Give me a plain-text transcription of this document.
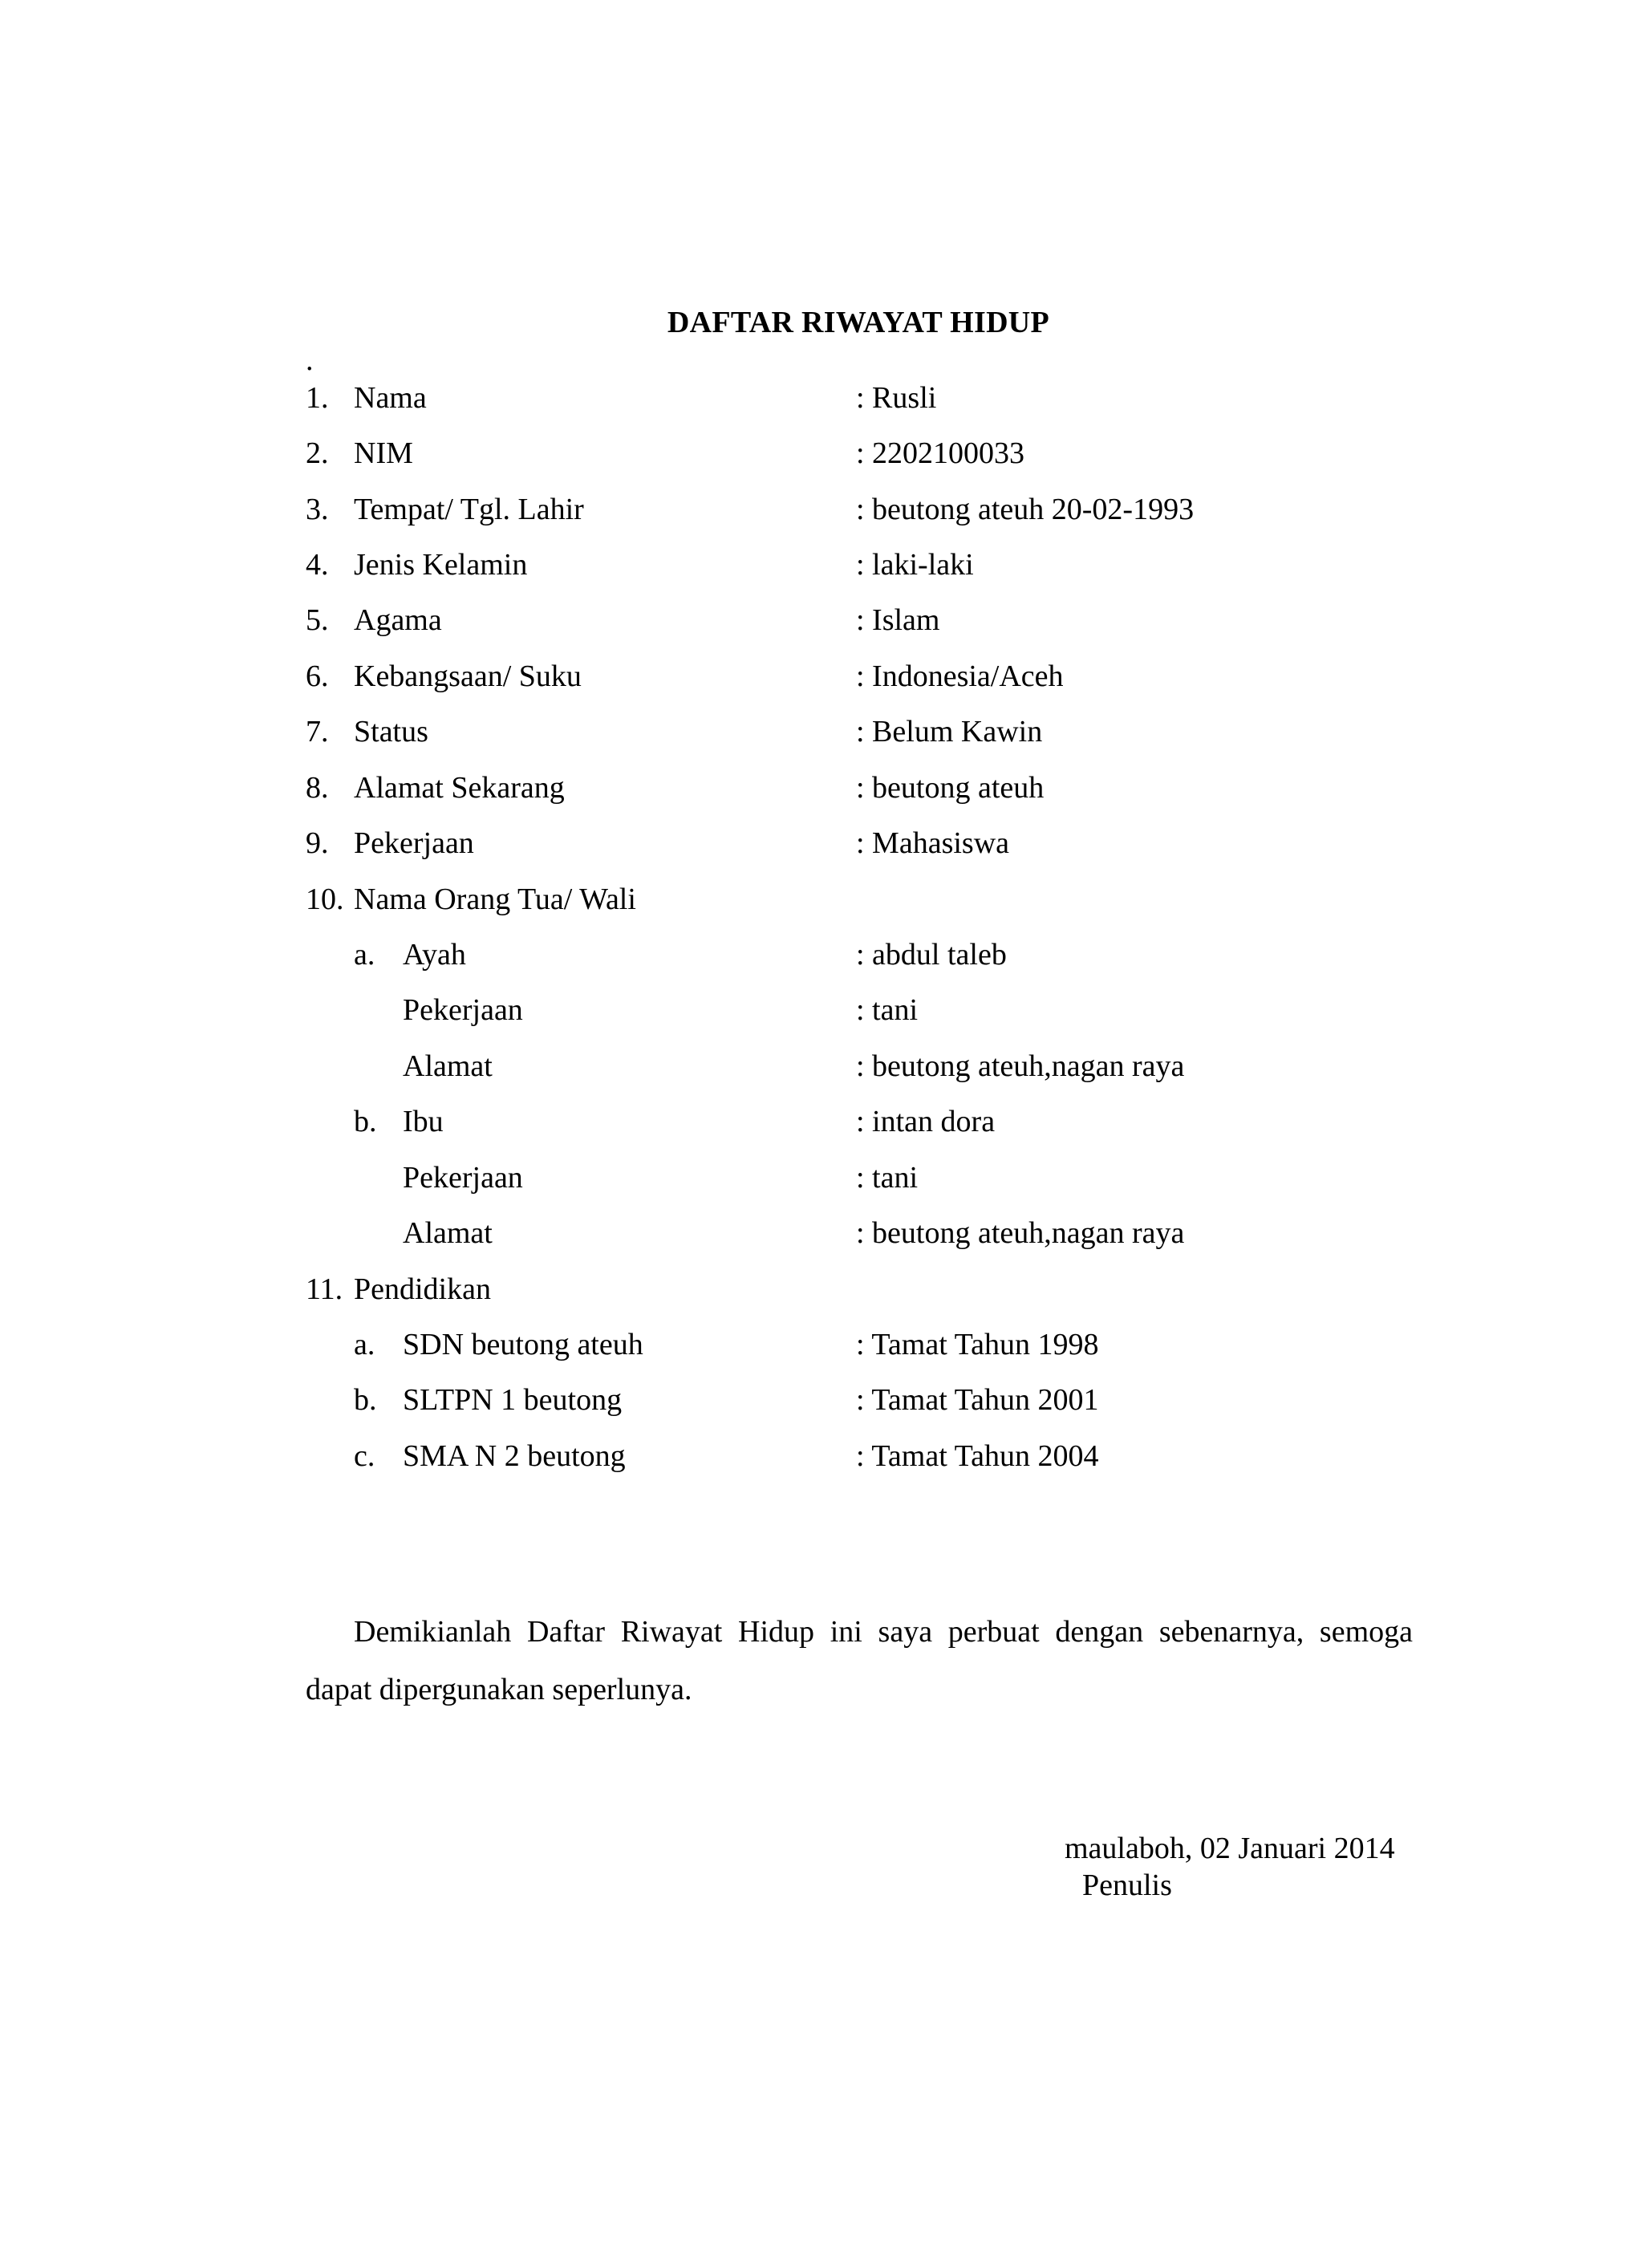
DAFTAR RIWAYAT HIDUP
.
1. Nama	: Rusli
2. NIM	: 2202100033
3. Tempat/ Tgl. Lahir	: beutong ateuh 20-02-1993
4. Jenis Kelamin	: laki-laki
5. Agama	: Islam
6. Kebangsaan/ Suku	: Indonesia/Aceh
7. Status	: Belum Kawin
8. Alamat Sekarang	: beutong ateuh
9. Pekerjaan	: Mahasiswa
10. Nama Orang Tua/ Wali
a. Ayah	: abdul taleb
Pekerjaan	: tani
Alamat	: beutong ateuh,nagan raya
b. Ibu	: intan dora
Pekerjaan	: tani
Alamat	: beutong ateuh,nagan raya
11. Pendidikan
a. SDN beutong ateuh	: Tamat Tahun 1998
b. SLTPN 1 beutong	: Tamat Tahun 2001
c. SMA N 2 beutong	: Tamat Tahun 2004
Demikianlah Daftar Riwayat Hidup ini saya perbuat dengan sebenarnya, semoga dapat dipergunakan seperlunya.
maulaboh, 02 Januari 2014
Penulis
